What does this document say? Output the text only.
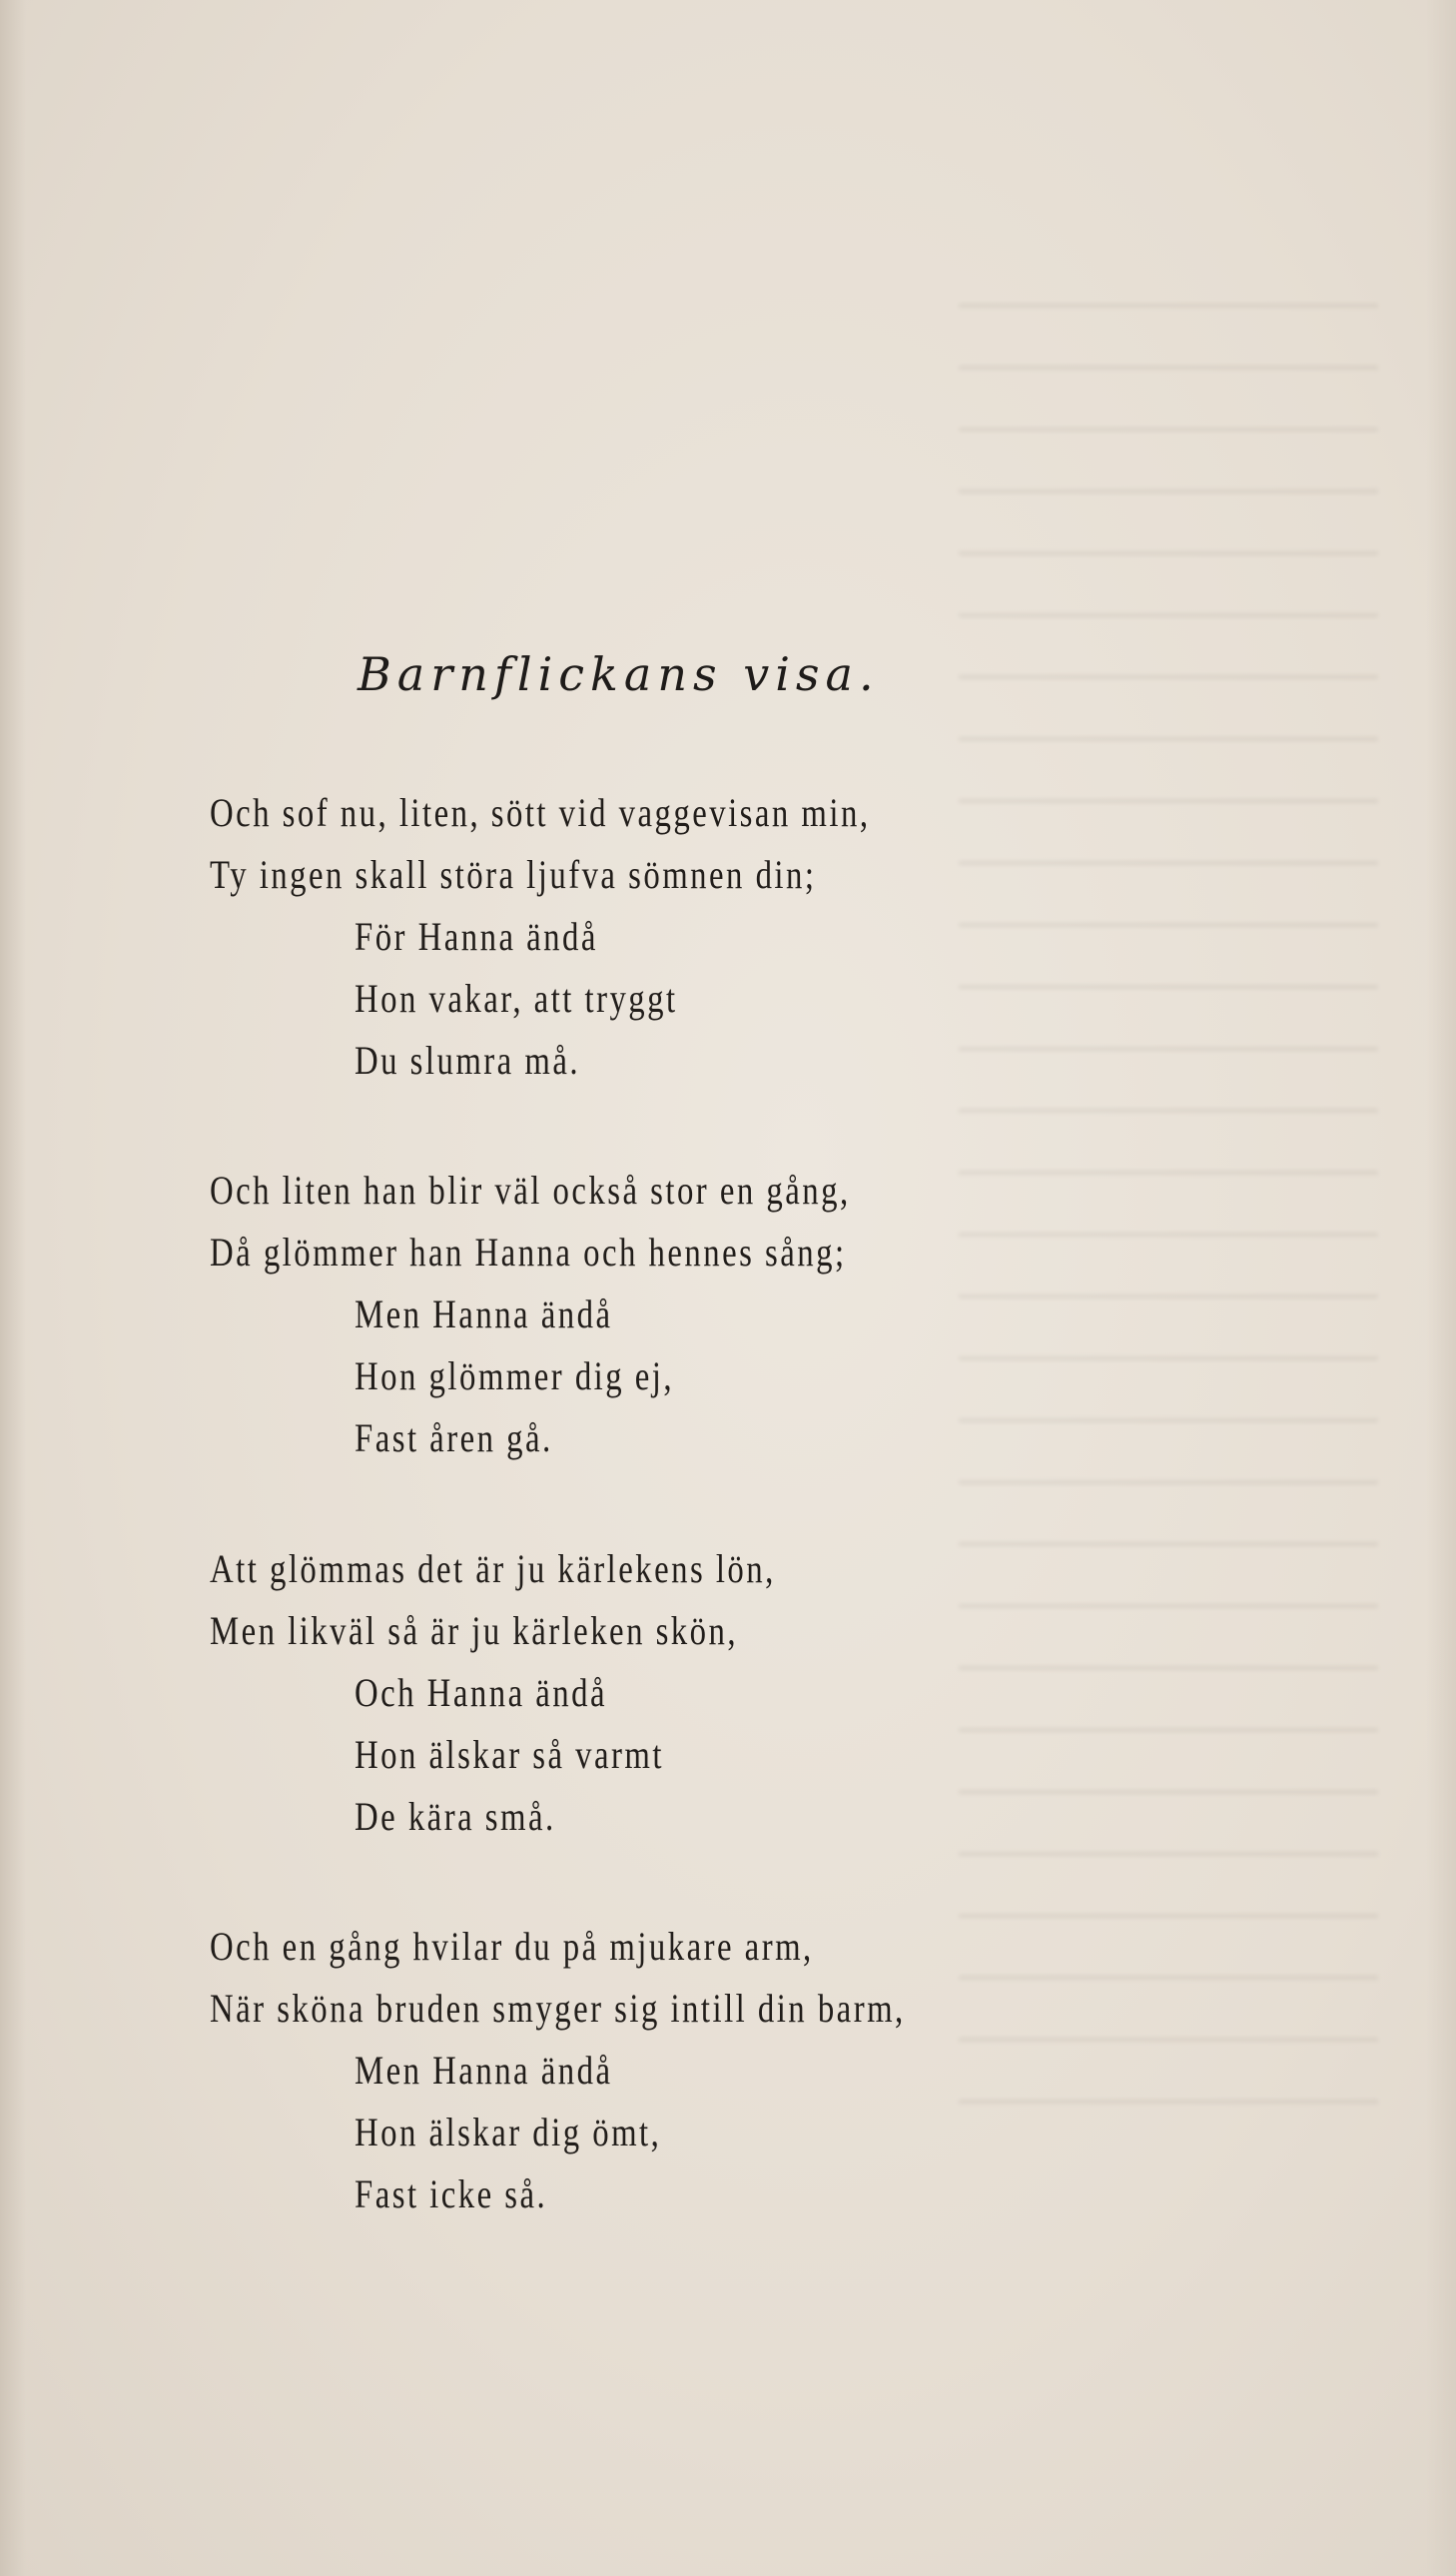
Barnflickans visa.
Och sof nu, liten, sött vid vaggevisan min,
Ty ingen skall störa ljufva sömnen din;
För Hanna ändå
Hon vakar, att tryggt
Du slumra må.
Och liten han blir väl också stor en gång,
Då glömmer han Hanna och hennes sång;
Men Hanna ändå
Hon glömmer dig ej,
Fast åren gå.
Att glömmas det är ju kärlekens lön,
Men likväl så är ju kärleken skön,
Och Hanna ändå
Hon älskar så varmt
De kära små.
Och en gång hvilar du på mjukare arm,
När sköna bruden smyger sig intill din barm,
Men Hanna ändå
Hon älskar dig ömt,
Fast icke så.
